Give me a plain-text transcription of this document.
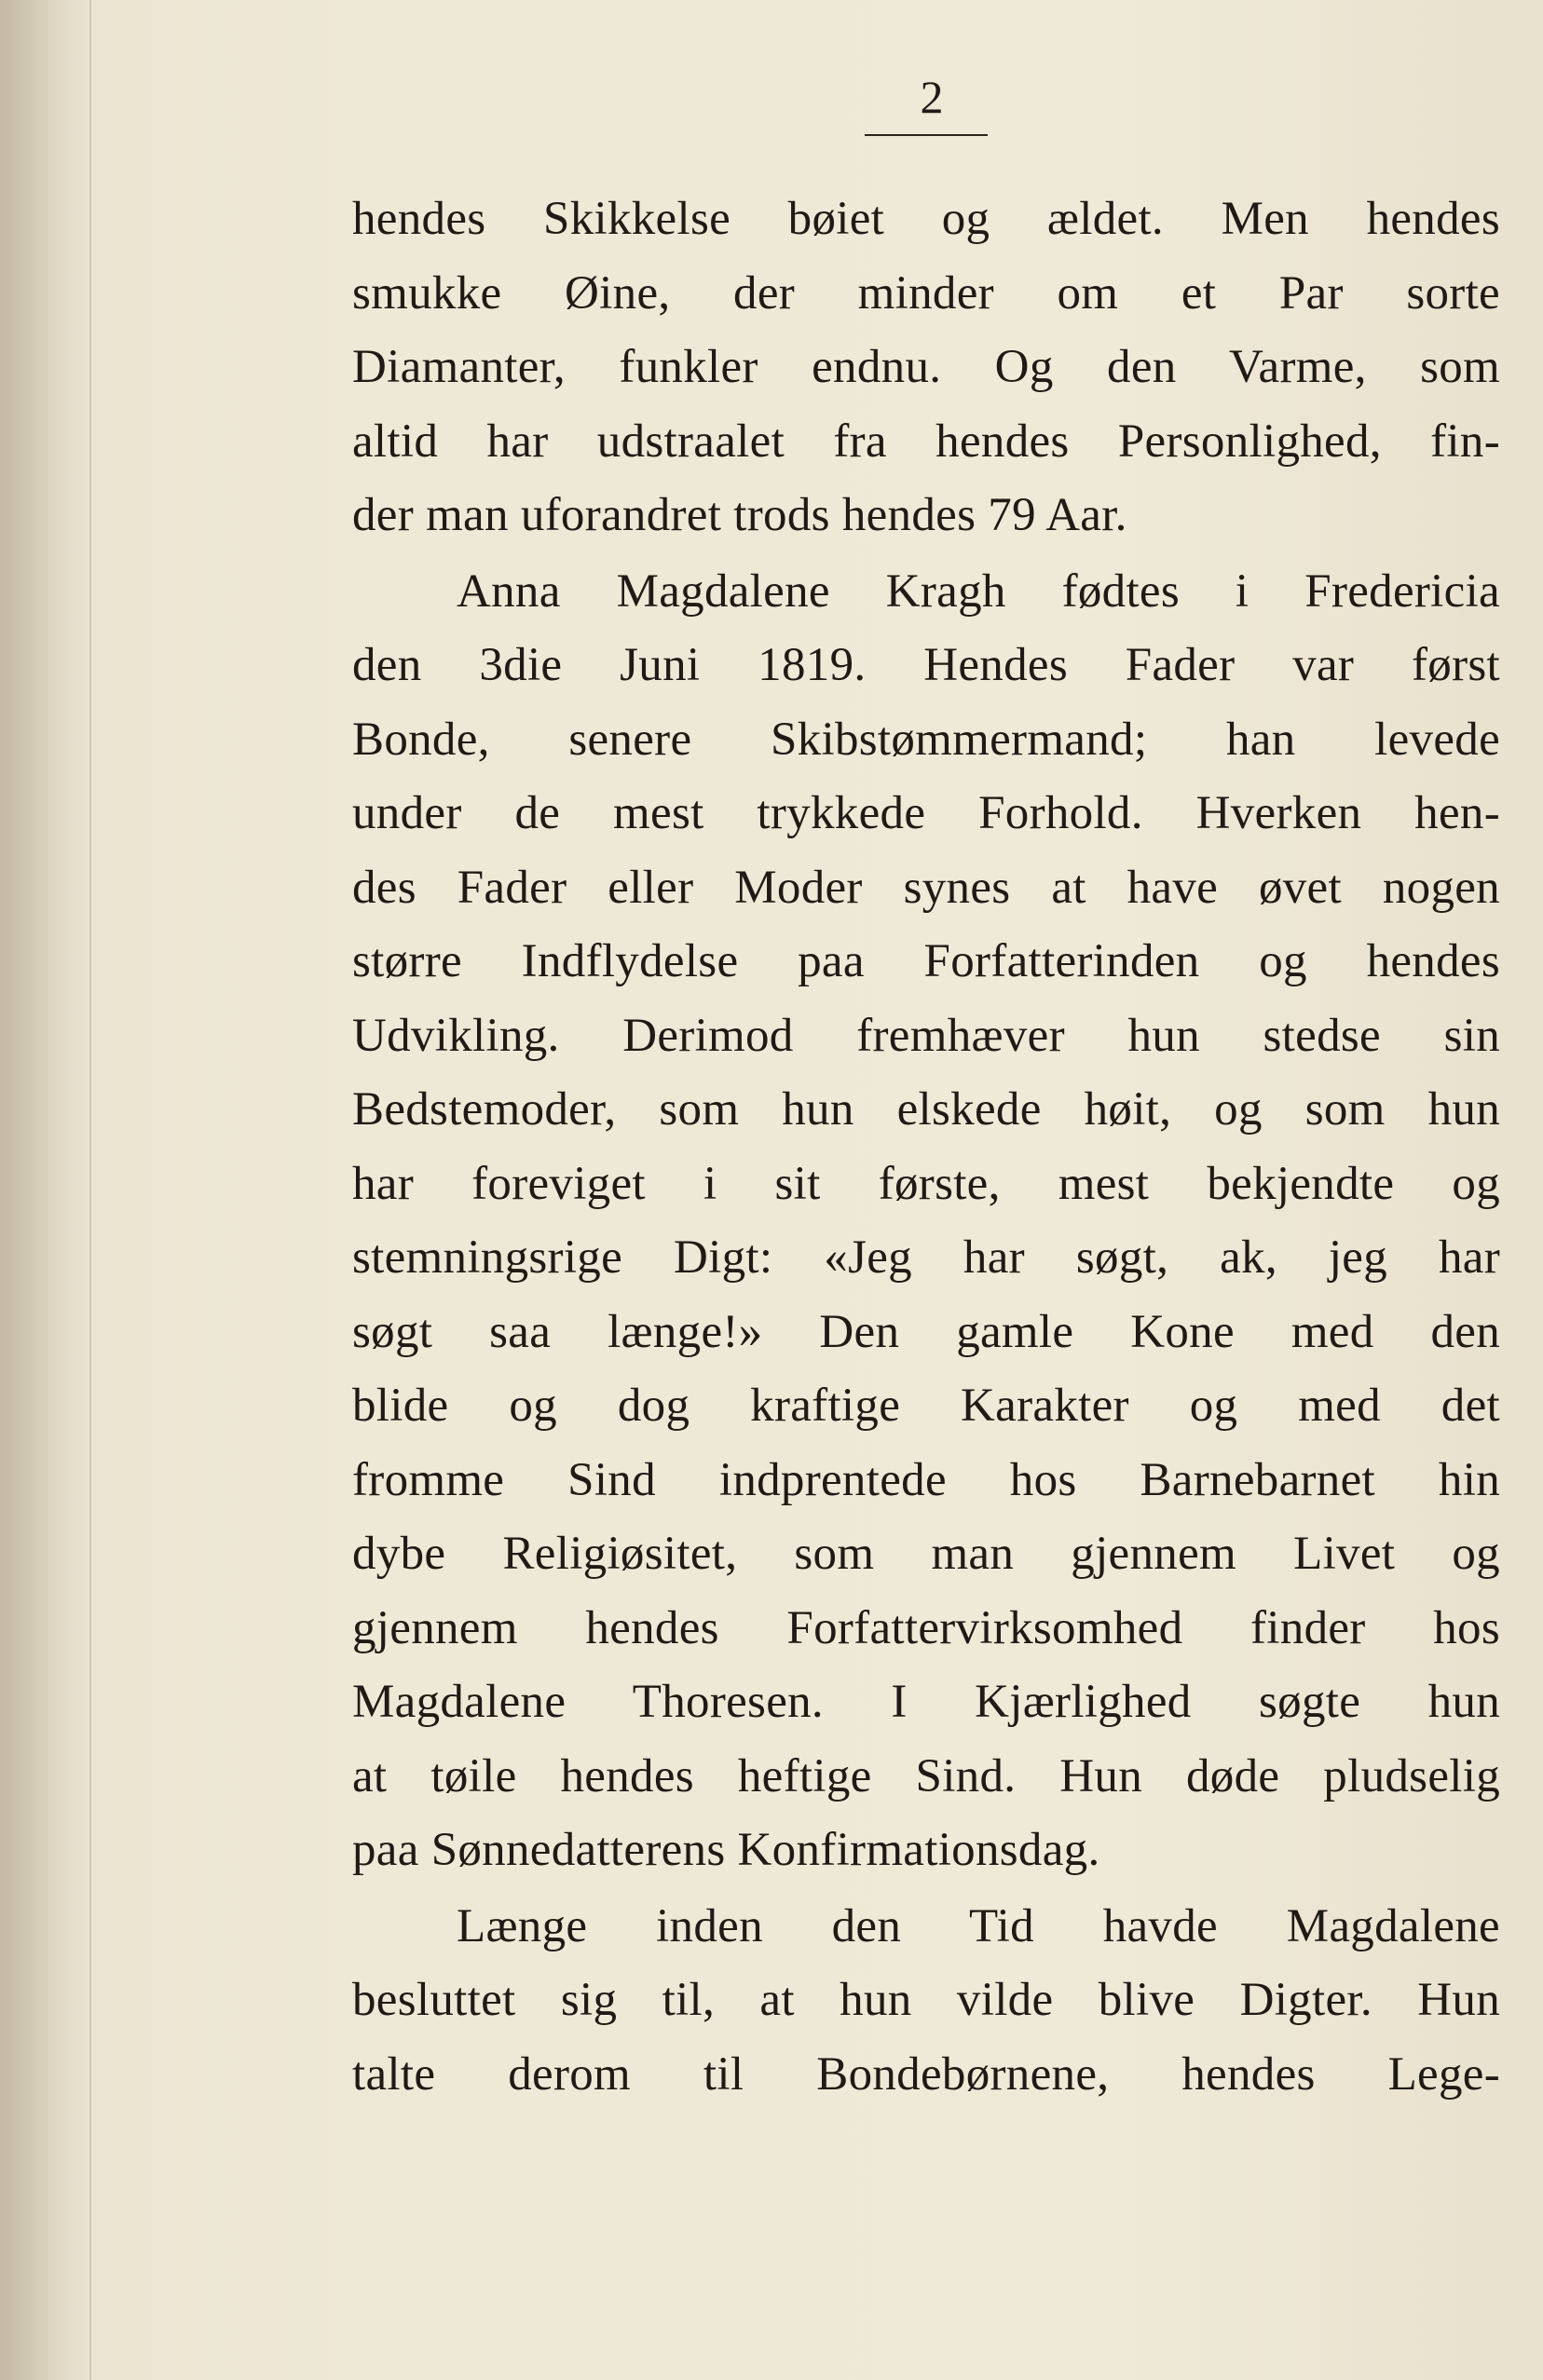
2
hendes Skikkelse bøiet og ældet. Men hendes
smukke Øine, der minder om et Par sorte
Diamanter, funkler endnu. Og den Varme, som
altid har udstraalet fra hendes Personlighed, fin-
der man uforandret trods hendes 79 Aar.
Anna Magdalene Kragh fødtes i Fredericia
den 3die Juni 1819. Hendes Fader var først
Bonde, senere Skibstømmermand; han levede
under de mest trykkede Forhold. Hverken hen-
des Fader eller Moder synes at have øvet nogen
større Indflydelse paa Forfatterinden og hendes
Udvikling. Derimod fremhæver hun stedse sin
Bedstemoder, som hun elskede høit, og som hun
har foreviget i sit første, mest bekjendte og
stemningsrige Digt: «Jeg har søgt, ak, jeg har
søgt saa længe!» Den gamle Kone med den
blide og dog kraftige Karakter og med det
fromme Sind indprentede hos Barnebarnet hin
dybe Religiøsitet, som man gjennem Livet og
gjennem hendes Forfattervirksomhed finder hos
Magdalene Thoresen. I Kjærlighed søgte hun
at tøile hendes heftige Sind. Hun døde pludselig
paa Sønnedatterens Konfirmationsdag.
Længe inden den Tid havde Magdalene
besluttet sig til, at hun vilde blive Digter. Hun
talte derom til Bondebørnene, hendes Lege-
